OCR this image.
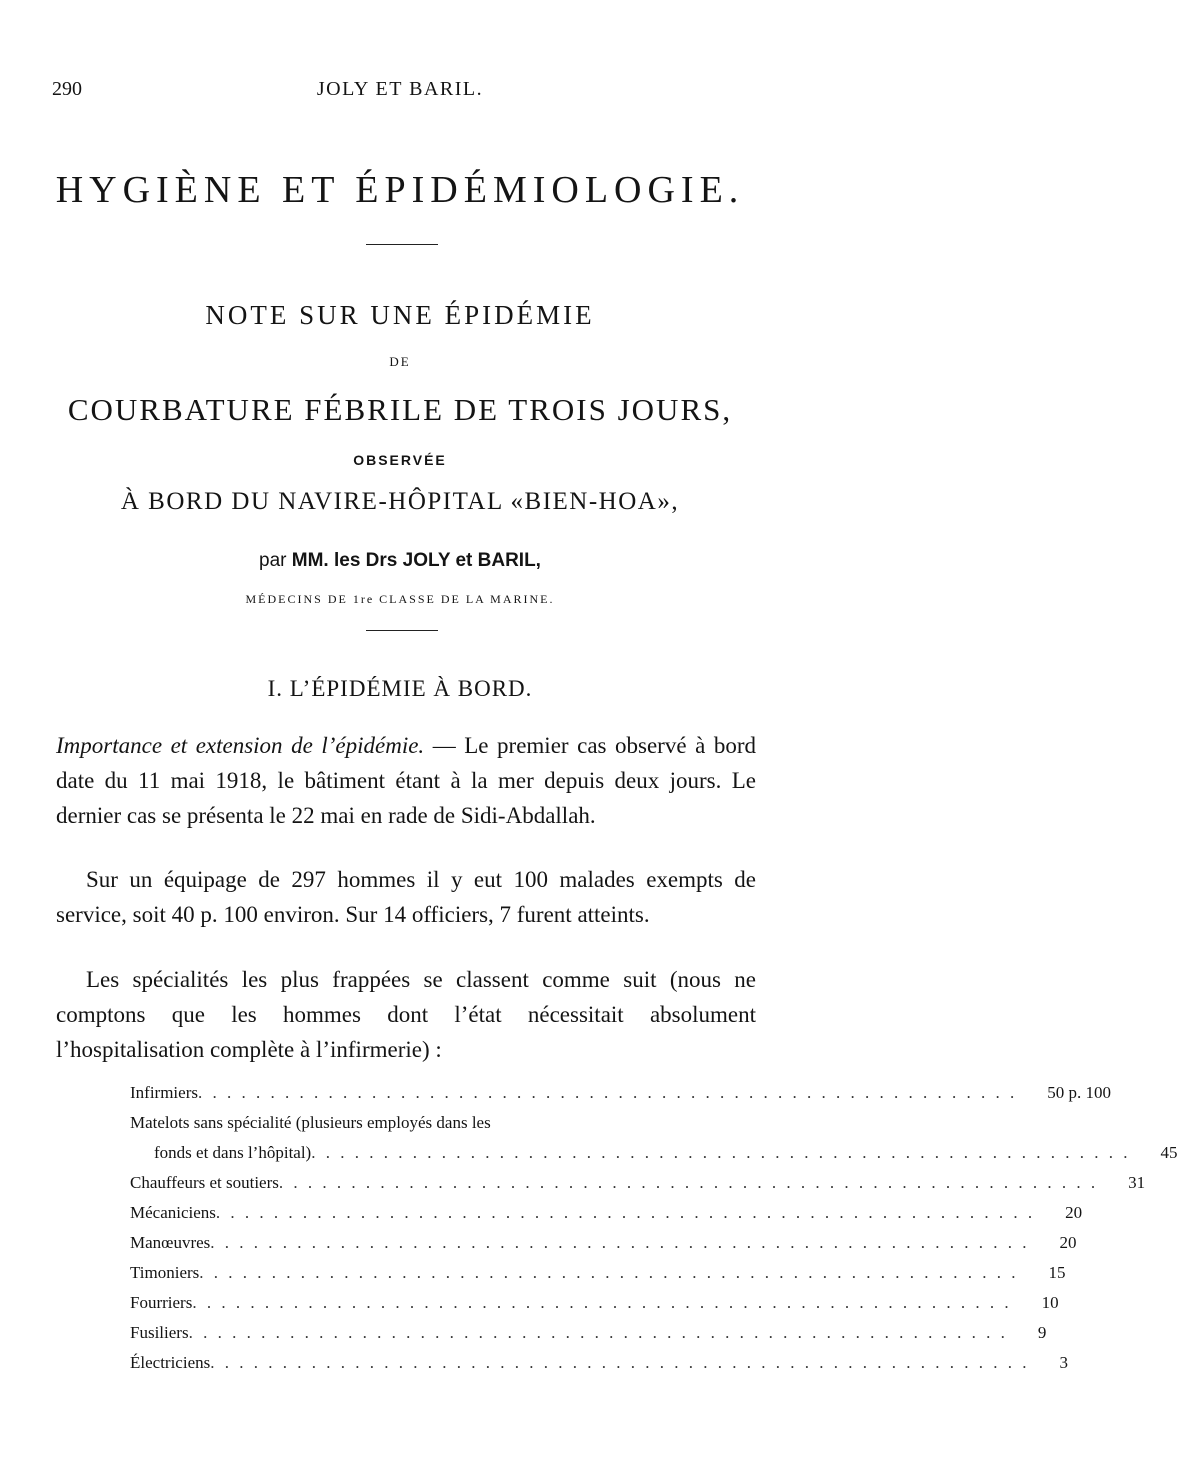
290	JOLY ET BARIL.
HYGIÈNE ET ÉPIDÉMIOLOGIE.
NOTE SUR UNE ÉPIDÉMIE
DE
COURBATURE FÉBRILE DE TROIS JOURS,
OBSERVÉE
À BORD DU NAVIRE-HÔPITAL «BIEN-HOA»,
par MM. les Drs JOLY et BARIL,
MÉDECINS DE 1re CLASSE DE LA MARINE.
I. L’ÉPIDÉMIE À BORD.
Importance et extension de l’épidémie. — Le premier cas observé à bord date du 11 mai 1918, le bâtiment étant à la mer depuis deux jours. Le dernier cas se présenta le 22 mai en rade de Sidi-Abdallah.
Sur un équipage de 297 hommes il y eut 100 malades exempts de service, soit 40 p. 100 environ. Sur 14 officiers, 7 furent atteints.
Les spécialités les plus frappées se classent comme suit (nous ne comptons que les hommes dont l’état nécessitait absolument l’hospitalisation complète à l’infirmerie) :
Infirmiers . . . . . . . . . . . . . . . . . . . . . . . . . . . . . . . . . . . . . . . . . . . . . . . . . . . . . . . . .	50 p. 100
Matelots sans spécialité (plusieurs employés dans les
fonds et dans l’hôpital) . . . . . . . . . . . . . . . . . . . . . . . . . . . . . . . . . . . . . . . . . . . . . . . . . . . . . . . . .	45
Chauffeurs et soutiers . . . . . . . . . . . . . . . . . . . . . . . . . . . . . . . . . . . . . . . . . . . . . . . . . . . . . . . . .	31
Mécaniciens . . . . . . . . . . . . . . . . . . . . . . . . . . . . . . . . . . . . . . . . . . . . . . . . . . . . . . . . .	20
Manœuvres . . . . . . . . . . . . . . . . . . . . . . . . . . . . . . . . . . . . . . . . . . . . . . . . . . . . . . . . .	20
Timoniers . . . . . . . . . . . . . . . . . . . . . . . . . . . . . . . . . . . . . . . . . . . . . . . . . . . . . . . . .	15
Fourriers . . . . . . . . . . . . . . . . . . . . . . . . . . . . . . . . . . . . . . . . . . . . . . . . . . . . . . . . .	10
Fusiliers . . . . . . . . . . . . . . . . . . . . . . . . . . . . . . . . . . . . . . . . . . . . . . . . . . . . . . . . .	9
Électriciens . . . . . . . . . . . . . . . . . . . . . . . . . . . . . . . . . . . . . . . . . . . . . . . . . . . . . . . . .	3
